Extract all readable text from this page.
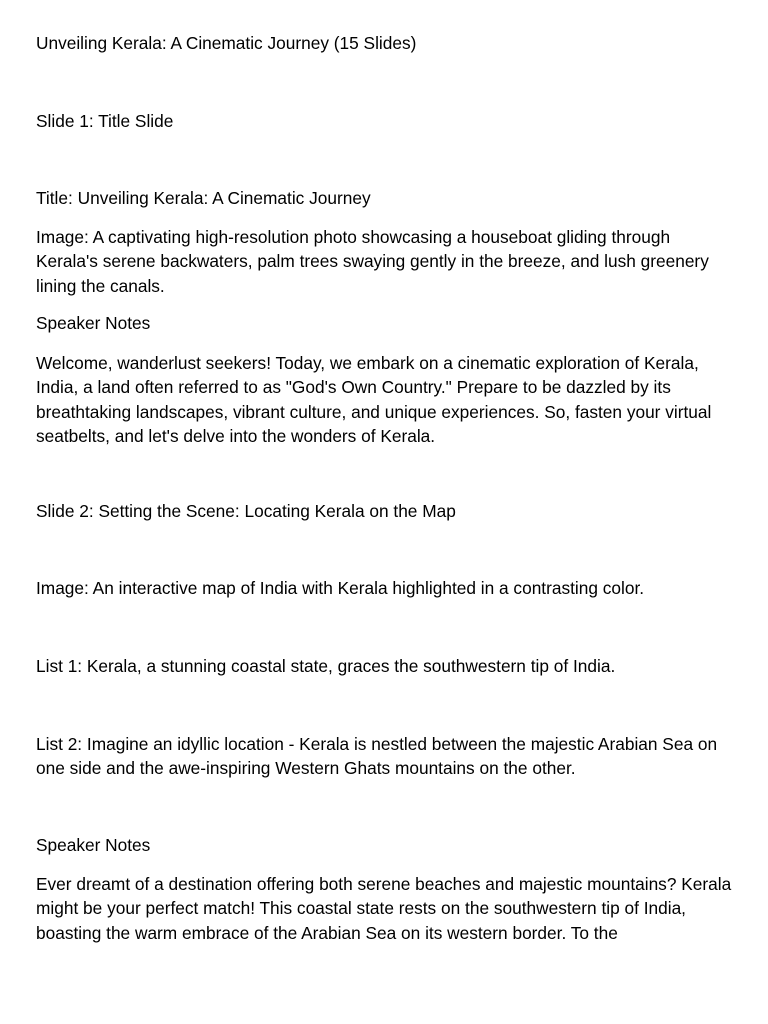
Unveiling Kerala: A Cinematic Journey (15 Slides)

Slide 1: Title Slide

Title: Unveiling Kerala: A Cinematic Journey

Image: A captivating high-resolution photo showcasing a houseboat gliding through Kerala's serene backwaters, palm trees swaying gently in the breeze, and lush greenery lining the canals.

Speaker Notes

Welcome, wanderlust seekers! Today, we embark on a cinematic exploration of Kerala, India, a land often referred to as "God's Own Country." Prepare to be dazzled by its breathtaking landscapes, vibrant culture, and unique experiences. So, fasten your virtual seatbelts, and let's delve into the wonders of Kerala.

Slide 2: Setting the Scene: Locating Kerala on the Map

Image: An interactive map of India with Kerala highlighted in a contrasting color.

List 1: Kerala, a stunning coastal state, graces the southwestern tip of India.

List 2: Imagine an idyllic location - Kerala is nestled between the majestic Arabian Sea on one side and the awe-inspiring Western Ghats mountains on the other.

Speaker Notes

Ever dreamt of a destination offering both serene beaches and majestic mountains? Kerala might be your perfect match! This coastal state rests on the southwestern tip of India, boasting the warm embrace of the Arabian Sea on its western border. To the
